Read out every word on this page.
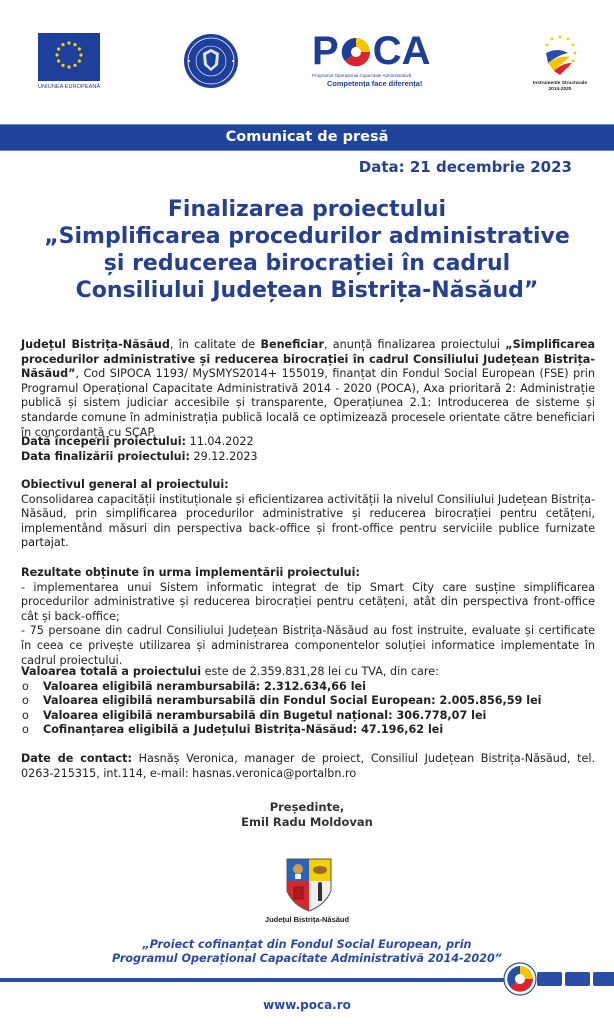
UNIUNEA EUROPEANĂ
P C A
Programul Operațional Capacitate Administrativă
Competența face diferența!	Instrumente Structurale
2014-2020
Comunicat de presă
Data: 21 decembrie 2023
Finalizarea proiectului
„Simplificarea procedurilor administrative
și reducerea birocrației în cadrul
Consiliului Județean Bistrița-Năsăud”
Județul Bistrița-Năsăud, în calitate de Beneficiar, anunță finalizarea proiectului „Simplificarea procedurilor administrative și reducerea birocrației în cadrul Consiliului Județean Bistrița-Năsăud”, Cod SIPOCA 1193/ MySMYS2014+ 155019, finanțat din Fondul Social European (FSE) prin Programul Operațional Capacitate Administrativă 2014 - 2020 (POCA), Axa prioritară 2: Administrație publică și sistem judiciar accesibile și transparente, Operațiunea 2.1: Introducerea de sisteme și standarde comune în administrația publică locală ce optimizează procesele orientate către beneficiari în concordanță cu SCAP.
Dată începerii proiectului: 11.04.2022
Data finalizării proiectului: 29.12.2023
Obiectivul general al proiectului:
Consolidarea capacității instituționale și eficientizarea activității la nivelul Consiliului Județean Bistrița-Năsăud, prin simplificarea procedurilor administrative și reducerea birocrației pentru cetățeni, implementând măsuri din perspectiva back-office și front-office pentru serviciile publice furnizate partajat.
Rezultate obținute în urma implementării proiectului:
- implementarea unui Sistem informatic integrat de tip Smart City care susține simplificarea procedurilor administrative și reducerea birocrației pentru cetățeni, atât din perspectiva front-office cât și back-office;
- 75 persoane din cadrul Consiliului Județean Bistrița-Năsăud au fost instruite, evaluate și certificate în ceea ce privește utilizarea și administrarea componentelor soluției informatice implementate în cadrul proiectului.
Valoarea totală a proiectului este de 2.359.831,28 lei cu TVA, din care:
o	Valoarea eligibilă nerambursabilă: 2.312.634,66 lei
o	Valoarea eligibilă nerambursabilă din Fondul Social European: 2.005.856,59 lei
o	Valoarea eligibilă nerambursabilă din Bugetul național: 306.778,07 lei
o	Cofinanțarea eligibilă a Județului Bistrița-Năsăud: 47.196,62 lei
Date de contact: Hasnăș Veronica, manager de proiect, Consiliul Județean Bistrița-Năsăud, tel. 0263-215315, int.114, e-mail: hasnas.veronica@portalbn.ro
Președinte,
Emil Radu Moldovan
Județul Bistrița-Năsăud
„Proiect cofinanțat din Fondul Social European, prin
Programul Operațional Capacitate Administrativă 2014-2020”
www.poca.ro
